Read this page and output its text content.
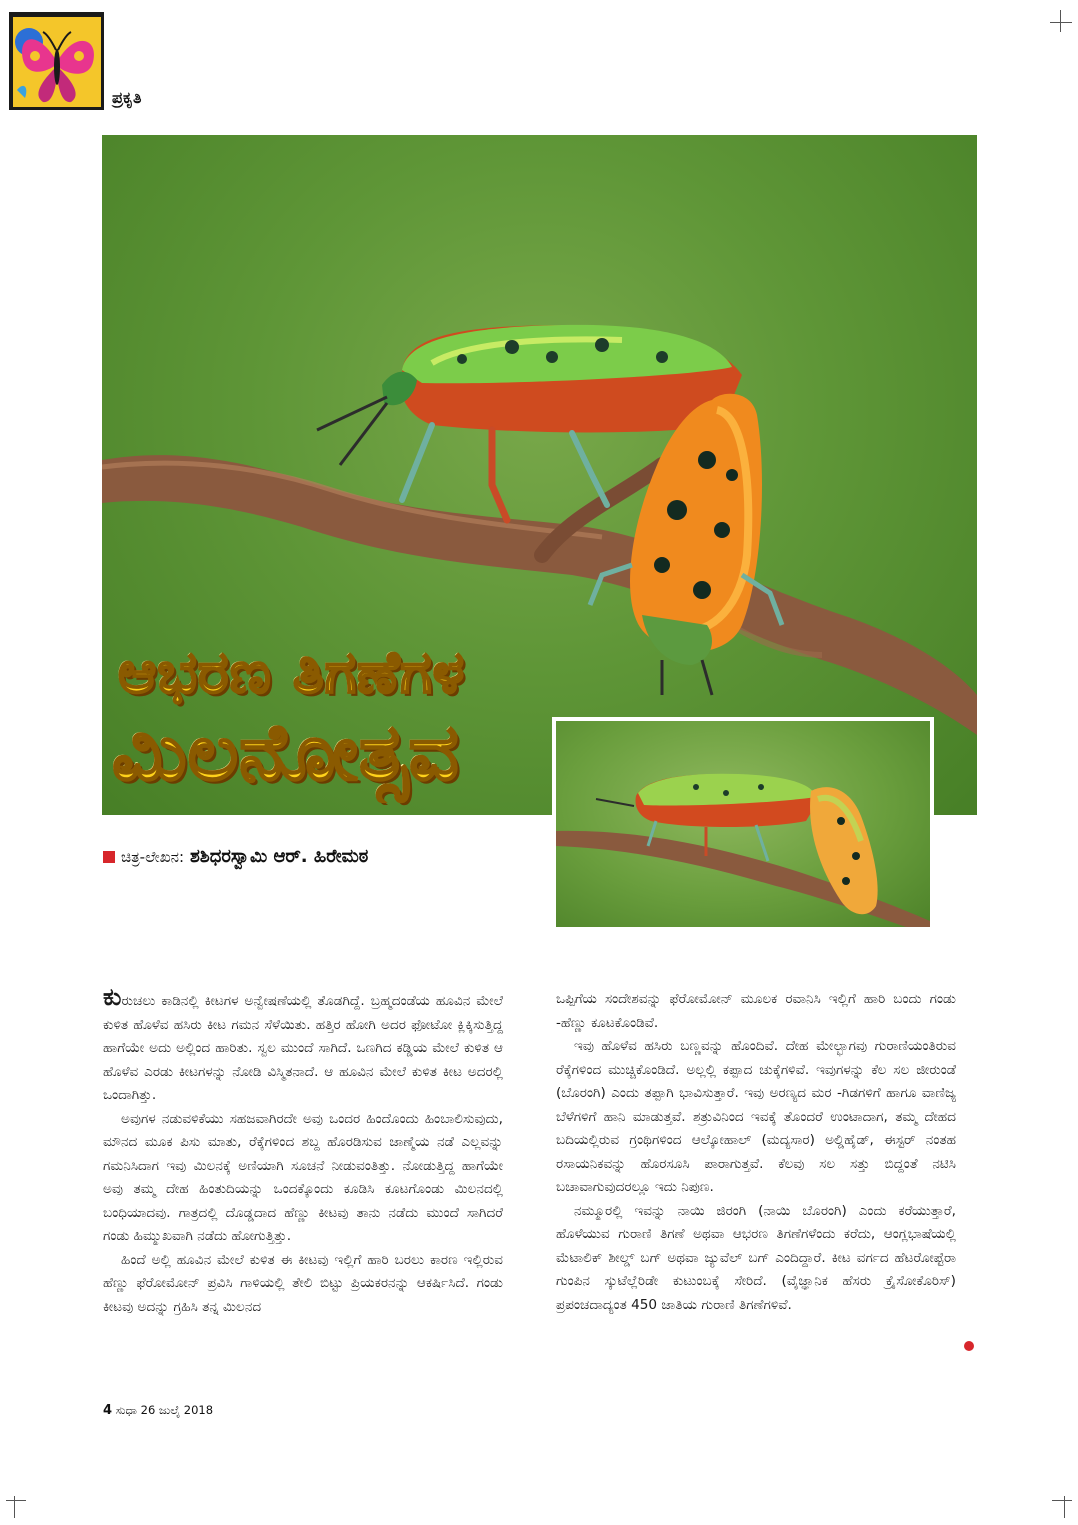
ಪ್ರಕೃತಿ
ಆಭರಣ ತಿಗಣೆಗಳ
ಮಿಲನೋತ್ಸವ
ಚಿತ್ರ-ಲೇಖನ: ಶಶಿಧರಸ್ವಾಮಿ ಆರ್. ಹಿರೇಮಠ

ಕುರುಚಲು ಕಾಡಿನಲ್ಲಿ ಕೀಟಗಳ ಅನ್ವೇಷಣೆಯಲ್ಲಿ ತೊಡಗಿದ್ದೆ. ಬ್ರಹ್ಮದಂಡೆಯ ಹೂವಿನ ಮೇಲೆ ಕುಳಿತ ಹೊಳೆವ ಹಸಿರು ಕೀಟ ಗಮನ ಸೆಳೆಯಿತು. ಹತ್ತಿರ ಹೋಗಿ ಅದರ ಫೋಟೋ ಕ್ಲಿಕ್ಕಿಸುತ್ತಿದ್ದ ಹಾಗೆಯೇ ಅದು ಅಲ್ಲಿಂದ ಹಾರಿತು. ಸ್ವಲ ಮುಂದೆ ಸಾಗಿದೆ. ಒಣಗಿದ ಕಡ್ಡಿಯ ಮೇಲೆ ಕುಳಿತ ಆ ಹೊಳೆವ ಎರಡು ಕೀಟಗಳನ್ನು ನೋಡಿ ವಿಸ್ಮಿತನಾದೆ. ಆ ಹೂವಿನ ಮೇಲೆ ಕುಳಿತ ಕೀಟ ಅದರಲ್ಲಿ ಒಂದಾಗಿತ್ತು.

ಅವುಗಳ ನಡುವಳಿಕೆಯು ಸಹಜವಾಗಿರದೇ ಅವು ಒಂದರ ಹಿಂದೊಂದು ಹಿಂಬಾಲಿಸುವುದು, ಮೌನದ ಮೂಕ ಪಿಸು ಮಾತು, ರೆಕ್ಕೆಗಳಿಂದ ಶಬ್ದ ಹೊರಡಿಸುವ ಜಾಣ್ಮೆಯ ನಡೆ ಎಲ್ಲವನ್ನು ಗಮನಿಸಿದಾಗ ಇವು ಮಿಲನಕ್ಕೆ ಅಣಿಯಾಗಿ ಸೂಚನೆ ನೀಡುವಂತಿತ್ತು. ನೋಡುತ್ತಿದ್ದ ಹಾಗೆಯೇ ಅವು ತಮ್ಮ ದೇಹ ಹಿಂತುದಿಯನ್ನು ಒಂದಕ್ಕೊಂದು ಕೂಡಿಸಿ ಕೂಟಗೊಂಡು ಮಿಲನದಲ್ಲಿ ಬಂಧಿಯಾದವು. ಗಾತ್ರದಲ್ಲಿ ದೊಡ್ಡದಾದ ಹೆಣ್ಣು ಕೀಟವು ತಾನು ನಡೆದು ಮುಂದೆ ಸಾಗಿದರೆ ಗಂಡು ಹಿಮ್ಮುಖವಾಗಿ ನಡೆದು ಹೋಗುತ್ತಿತ್ತು.

ಹಿಂದೆ ಅಲ್ಲಿ ಹೂವಿನ ಮೇಲೆ ಕುಳಿತ ಈ ಕೀಟವು ಇಲ್ಲಿಗೆ ಹಾರಿ ಬರಲು ಕಾರಣ ಇಲ್ಲಿರುವ ಹೆಣ್ಣು ಫೆರೋಮೋನ್ ಪ್ರವಿಸಿ ಗಾಳಿಯಲ್ಲಿ ತೇಲಿ ಬಿಟ್ಟು ಪ್ರಿಯಕರನನ್ನು ಆಕರ್ಷಿಸಿದೆ. ಗಂಡು ಕೀಟವು ಅದನ್ನು ಗ್ರಹಿಸಿ ತನ್ನ ಮಿಲನದ

ಒಪ್ಪಿಗೆಯ ಸಂದೇಶವನ್ನು ಫೆರೋಮೋನ್ ಮೂಲಕ ರವಾನಿಸಿ ಇಲ್ಲಿಗೆ ಹಾರಿ ಬಂದು ಗಂಡು -ಹೆಣ್ಣು ಕೂಟಕೊಂಡಿವೆ.

ಇವು ಹೊಳೆವ ಹಸಿರು ಬಣ್ಣವನ್ನು ಹೊಂದಿವೆ. ದೇಹ ಮೇಲ್ಭಾಗವು ಗುರಾಣಿಯಂತಿರುವ ರೆಕ್ಕೆಗಳಿಂದ ಮುಚ್ಚಿಕೊಂಡಿದೆ. ಅಲ್ಲಲ್ಲಿ ಕಪ್ಪಾದ ಚುಕ್ಕೆಗಳಿವೆ. ಇವುಗಳನ್ನು ಕೆಲ ಸಲ ಜೀರುಂಡೆ (ಬೊರಂಗಿ) ಎಂದು ತಪ್ಪಾಗಿ ಭಾವಿಸುತ್ತಾರೆ. ಇವು ಅರಣ್ಯದ ಮರ -ಗಿಡಗಳಿಗೆ ಹಾಗೂ ವಾಣಿಜ್ಯ ಬೆಳೆಗಳಿಗೆ ಹಾನಿ ಮಾಡುತ್ತವೆ. ಶತ್ರುವಿನಿಂದ ಇವಕ್ಕೆ ತೊಂದರೆ ಉಂಟಾದಾಗ, ತಮ್ಮ ದೇಹದ ಬದಿಯಲ್ಲಿರುವ ಗ್ರಂಥಿಗಳಿಂದ ಆಲ್ಕೋಹಾಲ್ (ಮದ್ಯಸಾರ) ಅಲ್ಡಿಹೈಡ್, ಈಸ್ಟರ್ ನಂತಹ ರಸಾಯನಿಕವನ್ನು ಹೊರಸೂಸಿ ಪಾರಾಗುತ್ತವೆ. ಕೆಲವು ಸಲ ಸತ್ತು ಬಿದ್ದಂತೆ ನಟಿಸಿ ಬಚಾವಾಗುವುದರಲ್ಲೂ ಇದು ನಿಪುಣ.

ನಮ್ಮೂರಲ್ಲಿ ಇವನ್ನು ನಾಯಿ ಜಿರಂಗಿ (ನಾಯಿ ಬೊರಂಗಿ) ಎಂದು ಕರೆಯುತ್ತಾರೆ, ಹೊಳೆಯುವ ಗುರಾಣಿ ತಿಗಣೆ ಅಥವಾ ಆಭರಣ ತಿಗಣೆಗಳೆಂದು ಕರೆದು, ಆಂಗ್ಲಭಾಷೆಯಲ್ಲಿ ಮೆಟಾಲಿಕ್ ಶೀಲ್ಡ್ ಬಗ್ ಅಥವಾ ಜ್ಯುವೆಲ್ ಬಗ್ ಎಂದಿದ್ದಾರೆ. ಕೀಟ ವರ್ಗದ ಹೆಟರೋಪ್ಟೆರಾ ಗುಂಪಿನ ಸ್ಕುಟೆಲ್ಲೆರಿಡೇ ಕುಟುಂಬಕ್ಕೆ ಸೇರಿದೆ. (ವೈಜ್ಞಾನಿಕ ಹೆಸರು ಕ್ರೈಸೋಕೊರಿಸ್) ಪ್ರಪಂಚದಾದ್ಯಂತ 450 ಜಾತಿಯ ಗುರಾಣಿ ತಿಗಣೆಗಳಿವೆ.

4 ಸುಧಾ 26 ಜುಲೈ 2018
